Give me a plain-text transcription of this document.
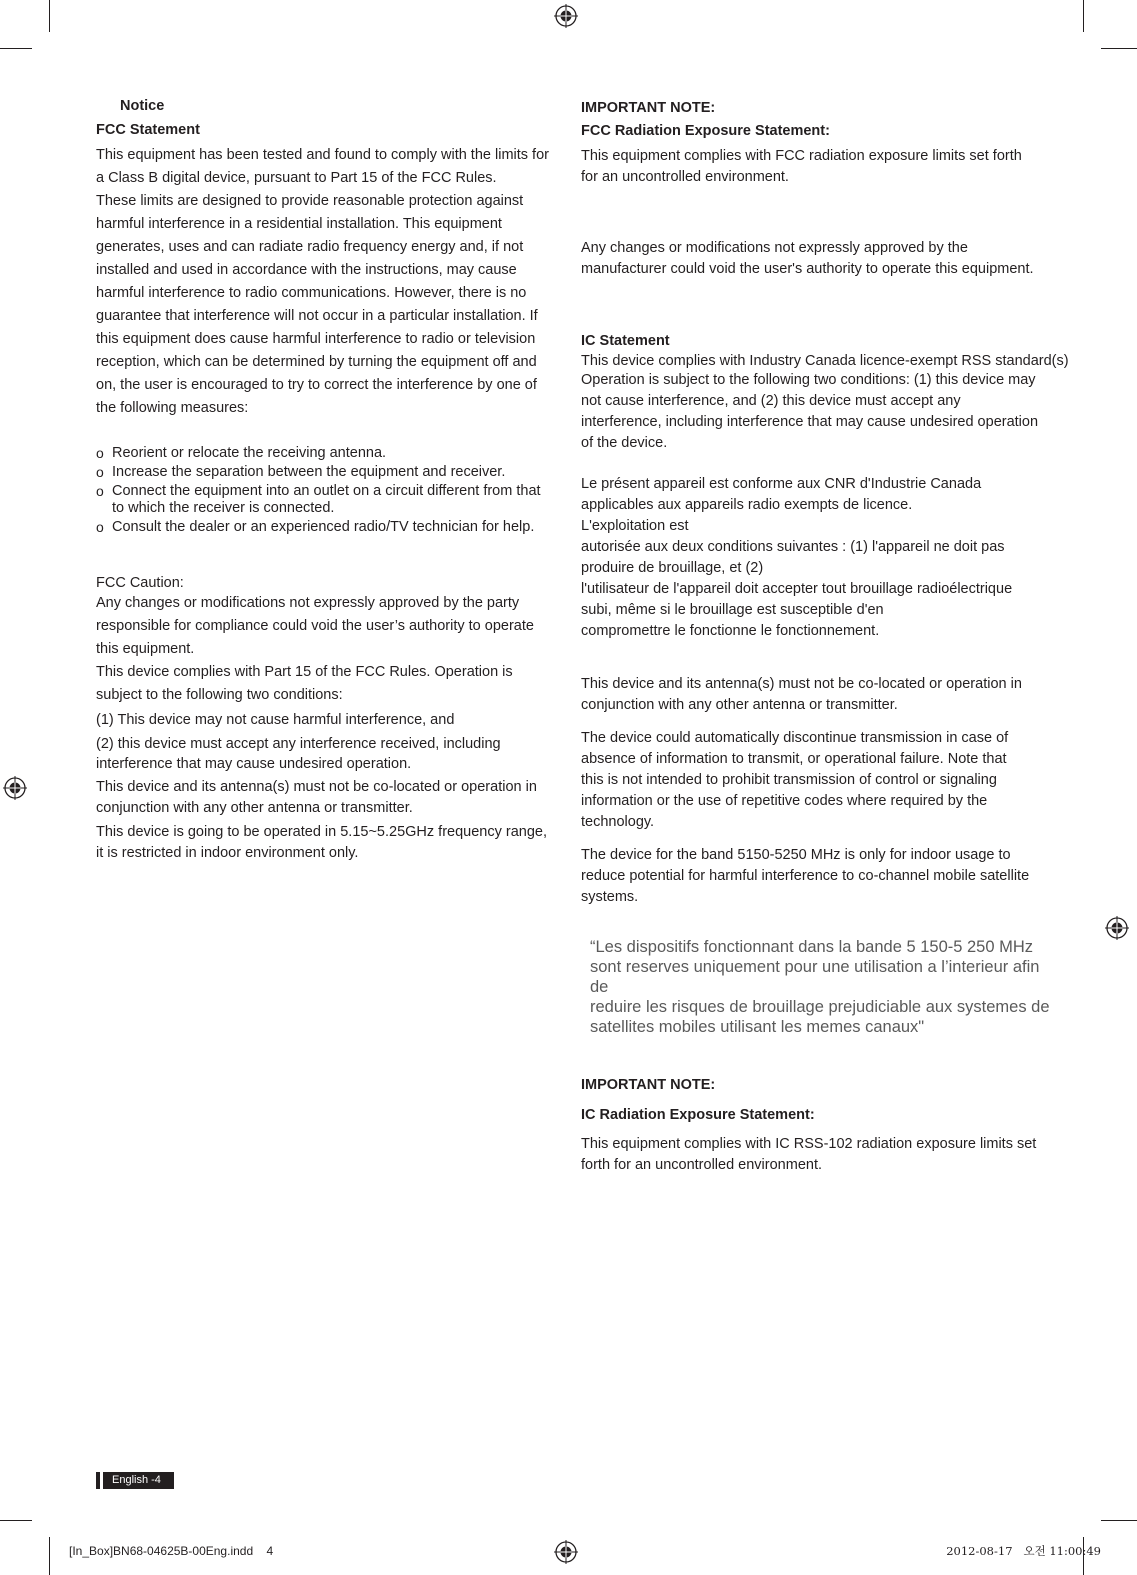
Notice
FCC Statement
This equipment has been tested and found to comply with the limits for
a Class B digital device, pursuant to Part 15 of the FCC Rules.
These limits are designed to provide reasonable protection against
harmful interference in a residential installation. This equipment
generates, uses and can radiate radio frequency energy and, if not
installed and used in accordance with the instructions, may cause
harmful interference to radio communications. However, there is no
guarantee that interference will not occur in a particular installation. If
this equipment does cause harmful interference to radio or television
reception, which can be determined by turning the equipment off and
on, the user is encouraged to try to correct the interference by one of
the following measures:
o Reorient or relocate the receiving antenna.
o Increase the separation between the equipment and receiver.
o Connect the equipment into an outlet on a circuit different from that
to which the receiver is connected.
o Consult the dealer or an experienced radio/TV technician for help.
FCC Caution:
Any changes or modifications not expressly approved by the party
responsible for compliance could void the user’s authority to operate
this equipment.
This device complies with Part 15 of the FCC Rules. Operation is
subject to the following two conditions:
(1) This device may not cause harmful interference, and
(2) this device must accept any interference received, including
interference that may cause undesired operation.
This device and its antenna(s) must not be co-located or operation in
conjunction with any other antenna or transmitter.
This device is going to be operated in 5.15~5.25GHz frequency range,
it is restricted in indoor environment only.
IMPORTANT NOTE:
FCC Radiation Exposure Statement:
This equipment complies with FCC radiation exposure limits set forth
for an uncontrolled environment.
Any changes or modifications not expressly approved by the
manufacturer could void the user's authority to operate this equipment.
IC Statement
This device complies with Industry Canada licence-exempt RSS standard(s)
Operation is subject to the following two conditions: (1) this device may
not cause interference, and (2) this device must accept any
interference, including interference that may cause undesired operation
of the device.
Le présent appareil est conforme aux CNR d'Industrie Canada
applicables aux appareils radio exempts de licence.
L'exploitation est
autorisée aux deux conditions suivantes : (1) l'appareil ne doit pas
produire de brouillage, et (2)
l'utilisateur de l'appareil doit accepter tout brouillage radioélectrique
subi, même si le brouillage est susceptible d'en
compromettre le fonctionne le fonctionnement.
This device and its antenna(s) must not be co-located or operation in
conjunction with any other antenna or transmitter.
The device could automatically discontinue transmission in case of
absence of information to transmit, or operational failure. Note that
this is not intended to prohibit transmission of control or signaling
information or the use of repetitive codes where required by the
technology.
The device for the band 5150-5250 MHz is only for indoor usage to
reduce potential for harmful interference to co-channel mobile satellite
systems.
“Les dispositifs fonctionnant dans la bande 5 150-5 250 MHz
sont reserves uniquement pour une utilisation a l’interieur afin de
reduire les risques de brouillage prejudiciable aux systemes de
satellites mobiles utilisant les memes canaux"
IMPORTANT NOTE:
IC Radiation Exposure Statement:
This equipment complies with IC RSS-102 radiation exposure limits set
forth for an uncontrolled environment.
English -4
[In_Box]BN68-04625B-00Eng.indd 4	2012-08-17   오전 11:00:49
